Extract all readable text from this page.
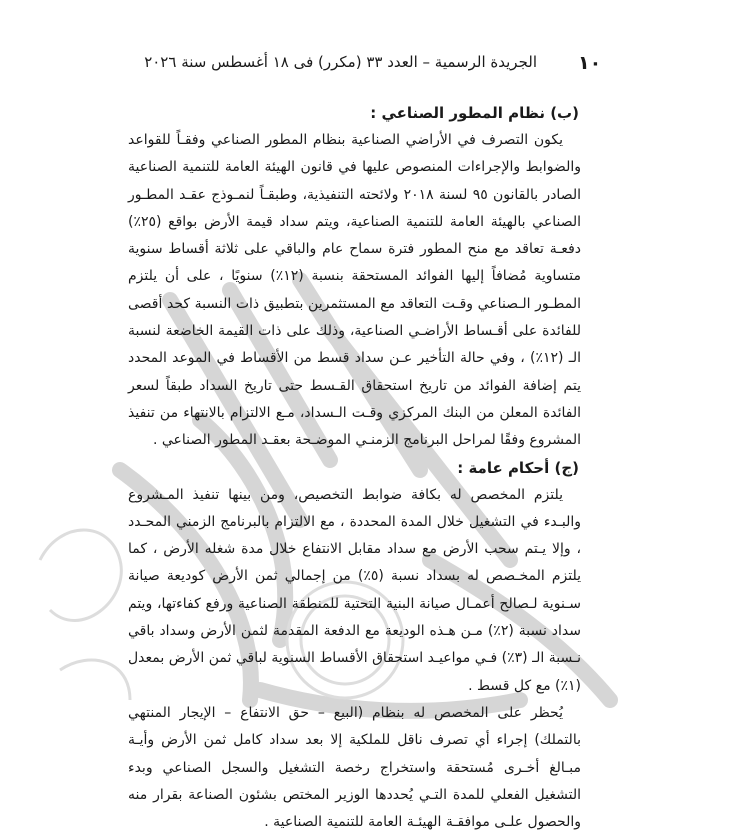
١٠
الجريدة الرسمية – العدد ٣٣ (مكرر) فى ١٨ أغسطس سنة ٢٠٢٦
(ب) نظام المطور الصناعي :

يكون التصرف في الأراضي الصناعية بنظام المطور الصناعي وفقـاً للقواعد والضوابط والإجراءات المنصوص عليها في قانون الهيئة العامة للتنمية الصناعية الصادر بالقانون ٩٥ لسنة ٢٠١٨ ولائحته التنفيذية، وطبقـاً لنمـوذج عقـد المطـور الصناعي بالهيئة العامة للتنمية الصناعية، ويتم سداد قيمة الأرض بواقع (٢٥٪) دفعـة تعاقد مع منح المطور فترة سماح عام والباقي على ثلاثة أقساط سنوية متساوية مُضافاً إليها الفوائد المستحقة بنسبة (١٢٪) سنويًا ، على أن يلتزم المطـور الـصناعي وقـت التعاقد مع المستثمرين بتطبيق ذات النسبة كحد أقصى للفائدة على أقـساط الأراضـي الصناعية، وذلك على ذات القيمة الخاضعة لنسبة الـ (١٢٪) ، وفي حالة التأخير عـن سداد قسط من الأقساط في الموعد المحدد يتم إضافة الفوائد من تاريخ استحقاق القـسط حتى تاريخ السداد طبقاً لسعر الفائدة المعلن من البنك المركزي وقـت الـسداد، مـع الالتزام بالانتهاء من تنفيذ المشروع وفقًا لمراحل البرنامج الزمنـي الموضـحة بعقـد المطور الصناعي .

(ج) أحكام عامة :

يلتزم المخصص له بكافة ضوابط التخصيص، ومن بينها تنفيذ المـشروع والبـدء في التشغيل خلال المدة المحددة ، مع الالتزام بالبرنامج الزمني المحـدد ، وإلا يـتم سحب الأرض مع سداد مقابل الانتفاع خلال مدة شغله الأرض ، كما يلتزم المخـصص له بسداد نسبة (٥٪) من إجمالي ثمن الأرض كوديعة صيانة سـنوية لـصالح أعمـال صيانة البنية التحتية للمنطقة الصناعية ورفع كفاءتها، ويتم سداد نسبة (٢٪) مـن هـذه الوديعة مع الدفعة المقدمة لثمن الأرض وسداد باقي نـسبة الـ (٣٪) فـي مواعيـد استحقاق الأقساط السنوية لباقي ثمن الأرض بمعدل (١٪) مع كل قسط .

يُحظر على المخصص له بنظام (البيع – حق الانتفاع – الإيجار المنتهي بالتملك) إجراء أي تصرف ناقل للملكية إلا بعد سداد كامل ثمن الأرض وأيـة مبـالغ أخـرى مُستحقة واستخراج رخصة التشغيل والسجل الصناعي وبدء التشغيل الفعلي للمدة التـي يُحددها الوزير المختص بشئون الصناعة بقرار منه والحصول علـى موافقـة الهيئـة العامة للتنمية الصناعية .
